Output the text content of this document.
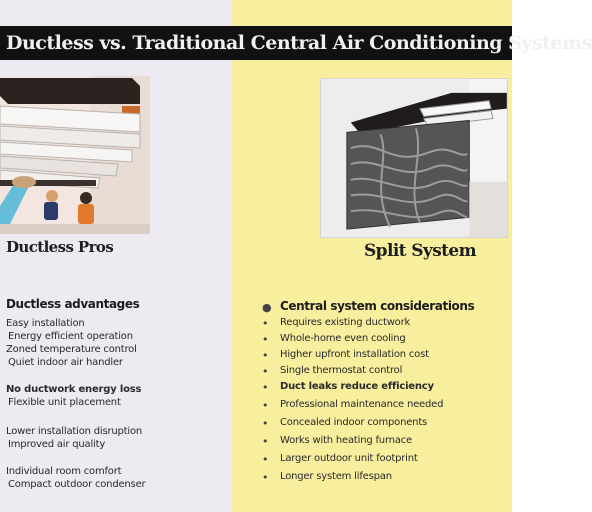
Ductless vs. Traditional Central Air Conditioning Systems
Ductless Pros	Split System
Ductless advantages
Easy installation
Energy efficient operation
Zoned temperature control
Quiet indoor air handler
No ductwork energy loss
Flexible unit placement
Lower installation disruption
Improved air quality
Individual room comfort
Compact outdoor condenser
● Central system considerations
• Requires existing ductwork
• Whole-home even cooling
• Higher upfront installation cost
• Single thermostat control
• Duct leaks reduce efficiency
• Professional maintenance needed
• Concealed indoor components
• Works with heating furnace
• Larger outdoor unit footprint
• Longer system lifespan
